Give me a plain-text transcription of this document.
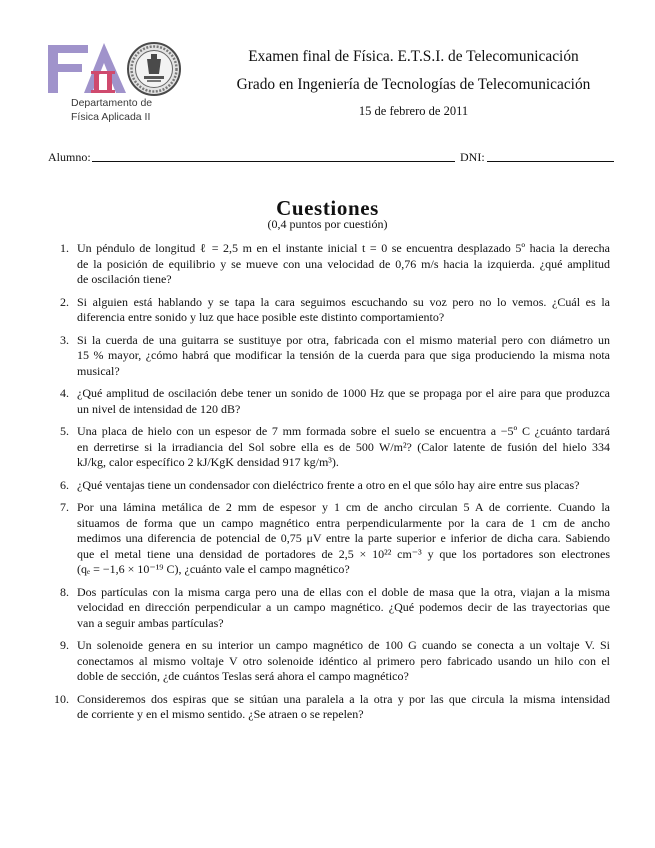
Departamento de
Física Aplicada II
Examen final de Física. E.T.S.I. de Telecomunicación
Grado en Ingeniería de Tecnologías de Telecomunicación
15 de febrero de 2011
Alumno:	DNI:
Cuestiones
(0,4 puntos por cuestión)
1. Un péndulo de longitud ℓ = 2,5 m en el instante inicial t = 0 se encuentra desplazado 5º hacia la derecha
de la posición de equilibrio y se mueve con una velocidad de 0,76 m/s hacia la izquierda. ¿qué amplitud
de oscilación tiene?
2. Si alguien está hablando y se tapa la cara seguimos escuchando su voz pero no lo vemos. ¿Cuál es la
diferencia entre sonido y luz que hace posible este distinto comportamiento?
3. Si la cuerda de una guitarra se sustituye por otra, fabricada con el mismo material pero con diámetro un
15 % mayor, ¿cómo habrá que modificar la tensión de la cuerda para que siga produciendo la misma nota
musical?
4. ¿Qué amplitud de oscilación debe tener un sonido de 1000 Hz que se propaga por el aire para que produzca
un nivel de intensidad de 120 dB?
5. Una placa de hielo con un espesor de 7 mm formada sobre el suelo se encuentra a −5º C ¿cuánto tardará
en derretirse si la irradiancia del Sol sobre ella es de 500 W/m²? (Calor latente de fusión del hielo 334
kJ/kg, calor específico 2 kJ/KgK densidad 917 kg/m³).
6. ¿Qué ventajas tiene un condensador con dieléctrico frente a otro en el que sólo hay aire entre sus placas?
7. Por una lámina metálica de 2 mm de espesor y 1 cm de ancho circulan 5 A de corriente. Cuando la
situamos de forma que un campo magnético entra perpendicularmente por la cara de 1 cm de ancho
medimos una diferencia de potencial de 0,75 μV entre la parte superior e inferior de dicha cara. Sabiendo
que el metal tiene una densidad de portadores de 2,5 × 10²² cm⁻³ y que los portadores son electrones
(qₑ = −1,6 × 10⁻¹⁹ C), ¿cuánto vale el campo magnético?
8. Dos partículas con la misma carga pero una de ellas con el doble de masa que la otra, viajan a la misma
velocidad en dirección perpendicular a un campo magnético. ¿Qué podemos decir de las trayectorias que
van a seguir ambas partículas?
9. Un solenoide genera en su interior un campo magnético de 100 G cuando se conecta a un voltaje V. Si
conectamos al mismo voltaje V otro solenoide idéntico al primero pero fabricado usando un hilo con el
doble de sección, ¿de cuántos Teslas será ahora el campo magnético?
10. Consideremos dos espiras que se sitúan una paralela a la otra y por las que circula la misma intensidad
de corriente y en el mismo sentido. ¿Se atraen o se repelen?
